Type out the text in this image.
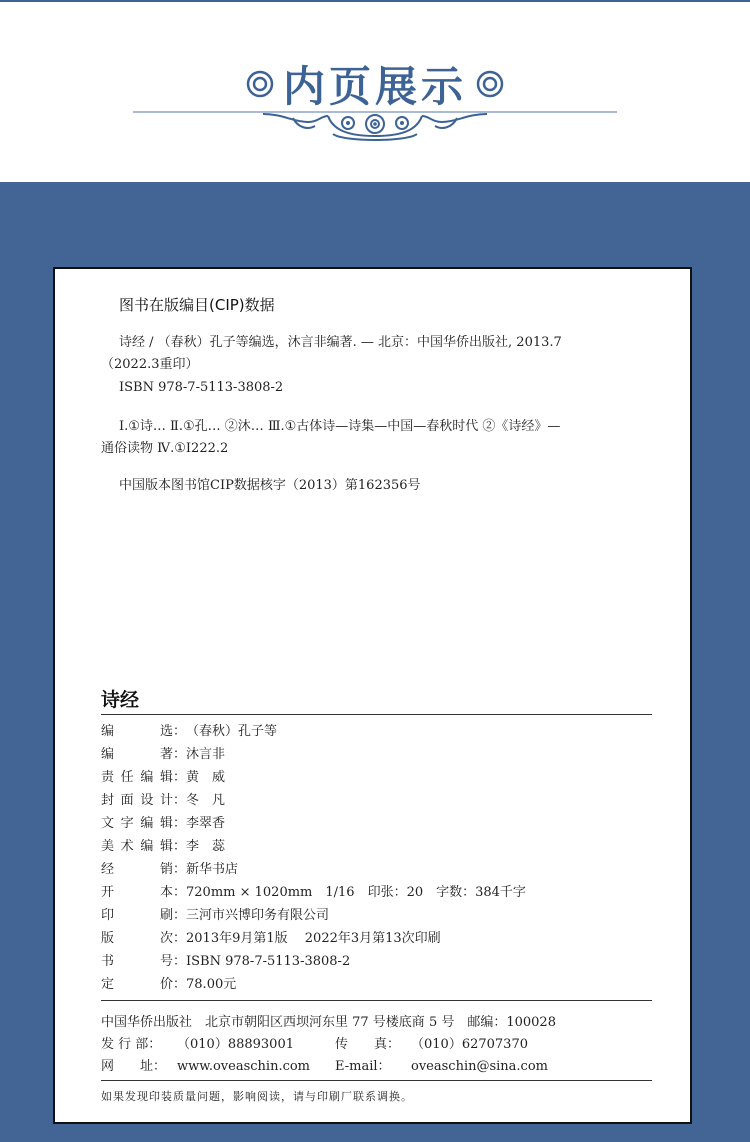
内页展示
图书在版编目(CIP)数据
诗经 / （春秋）孔子等编选，沐言非编著. — 北京：中国华侨出版社, 2013.7
（2022.3重印）
ISBN 978-7-5113-3808-2
Ⅰ.①诗… Ⅱ.①孔… ②沐… Ⅲ.①古体诗—诗集—中国—春秋时代 ②《诗经》—
通俗读物 Ⅳ.①I222.2
中国版本图书馆CIP数据核字（2013）第162356号
诗经
编　　选：（春秋）孔子等
编　　著：沐言非
责任编辑：黄　威
封面设计：冬　凡
文字编辑：李翠香
美术编辑：李　蕊
经　　销：新华书店
开　　本：720mm × 1020mm　1/16　印张：20　字数：384千字
印　　刷：三河市兴博印务有限公司
版　　次：2013年9月第1版　 2022年3月第13次印刷
书　　号：ISBN 978-7-5113-3808-2
定　　价：78.00元
中国华侨出版社　北京市朝阳区西坝河东里 77 号楼底商 5 号　邮编：100028
发 行 部： （010）88893001	传　　真： （010）62707370
网　　址： www.oveaschin.com E-mail： oveaschin@sina.com
如果发现印装质量问题，影响阅读，请与印刷厂联系调换。
